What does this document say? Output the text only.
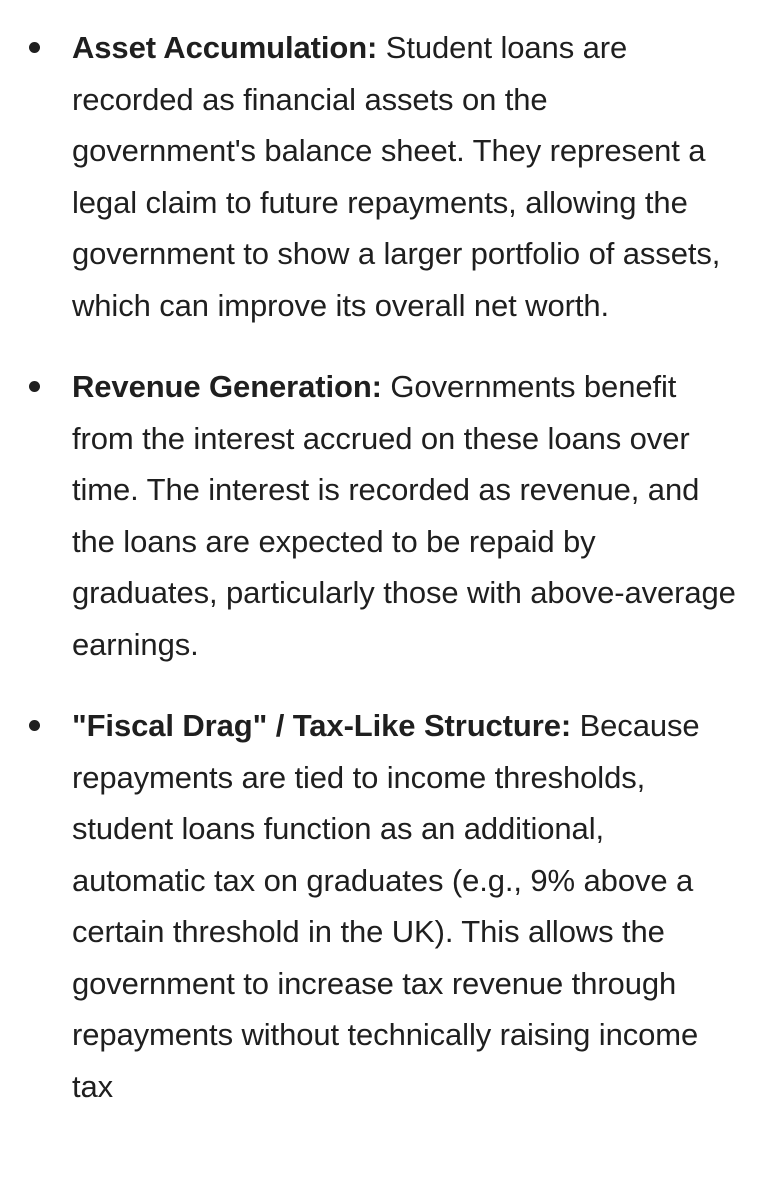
Asset Accumulation: Student loans are recorded as financial assets on the government's balance sheet. They represent a legal claim to future repayments, allowing the government to show a larger portfolio of assets, which can improve its overall net worth.
Revenue Generation: Governments benefit from the interest accrued on these loans over time. The interest is recorded as revenue, and the loans are expected to be repaid by graduates, particularly those with above-average earnings.
"Fiscal Drag" / Tax-Like Structure: Because repayments are tied to income thresholds, student loans function as an additional, automatic tax on graduates (e.g., 9% above a certain threshold in the UK). This allows the government to increase tax revenue through repayments without technically raising income tax
